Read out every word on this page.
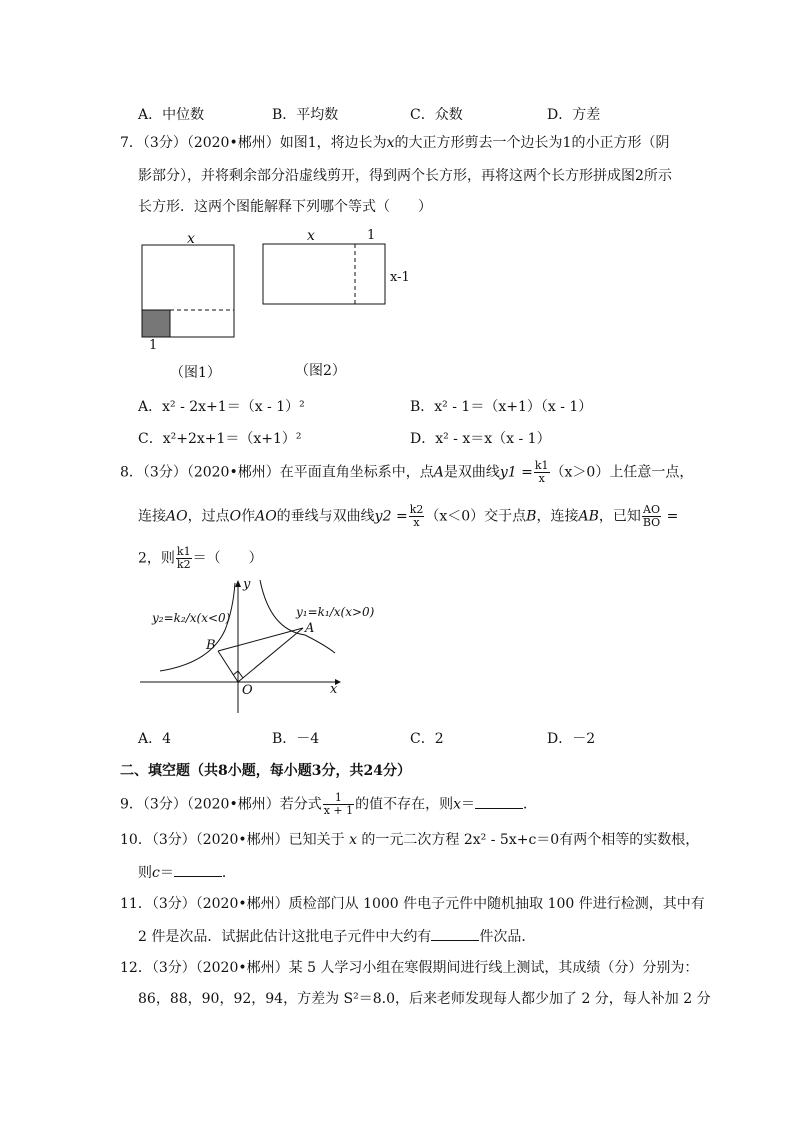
A．中位数	B．平均数	C．众数	D．方差
7．（3分）（2020•郴州）如图1，将边长为x的大正方形剪去一个边长为1的小正方形（阴
影部分），并将剩余部分沿虚线剪开，得到两个长方形，再将这两个长方形拼成图2所示
长方形．这两个图能解释下列哪个等式（　　）
x
1
（图1）
x	1
x-1
（图2）
A．x² - 2x+1＝（x - 1）²	B．x² - 1＝（x+1）（x - 1）
C．x²+2x+1＝（x+1）²	D．x² - x＝x（x - 1）
8．（3分）（2020•郴州）在平面直角坐标系中，点A是双曲线$y1 = \frac{k1}{x} (x>0)$上任意一点，
连接AO，过点O作AO的垂线与双曲线$y2 = \frac{k2}{x} (x<0)$交于点B，连接AB，已知 $\frac{AO}{BO}$ =
2，则 $\frac{k1}{k2}$ ＝（　　）
y
x
O
A
B
y₂=k₂/x(x<0)	y₁=k₁/x(x>0)
A．4	B．－4	C．2	D．－2
二、填空题（共8小题，每小题3分，共24分）
9．（3分）（2020•郴州）若分式 $\frac{1}{x + 1}$ 的值不存在，则x＝	．
10．（3分）（2020•郴州）已知关于 x 的一元二次方程 2x² - 5x+c＝0有两个相等的实数根，
则c＝	．
11．（3分）（2020•郴州）质检部门从 1000 件电子元件中随机抽取 100 件进行检测，其中有
2 件是次品．试据此估计这批电子元件中大约有	件次品．
12．（3分）（2020•郴州）某 5 人学习小组在寒假期间进行线上测试，其成绩（分）分别为：
86，88，90，92，94，方差为 S²＝8.0，后来老师发现每人都少加了 2 分，每人补加 2 分
